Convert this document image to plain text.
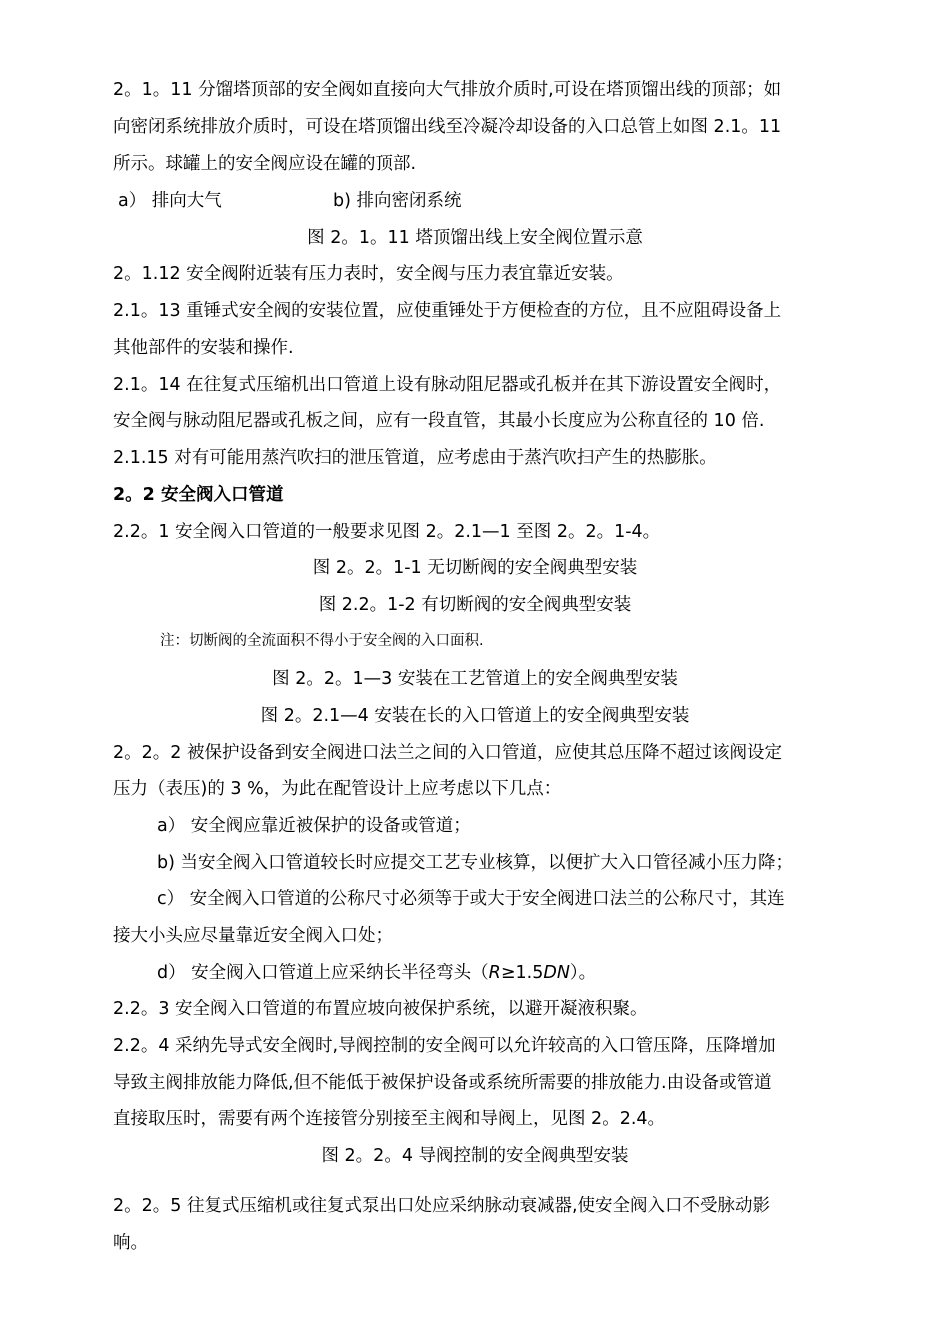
2。1。11 分馏塔顶部的安全阀如直接向大气排放介质时,可设在塔顶馏出线的顶部；如
向密闭系统排放介质时，可设在塔顶馏出线至冷凝冷却设备的入口总管上如图 2.1。11
所示。球罐上的安全阀应设在罐的顶部.
a） 排向大气	b) 排向密闭系统
图 2。1。11 塔顶馏出线上安全阀位置示意
2。1.12 安全阀附近装有压力表时，安全阀与压力表宜靠近安装。
2.1。13 重锤式安全阀的安装位置，应使重锤处于方便检查的方位，且不应阻碍设备上
其他部件的安装和操作.
2.1。14 在往复式压缩机出口管道上设有脉动阻尼器或孔板并在其下游设置安全阀时，
安全阀与脉动阻尼器或孔板之间，应有一段直管，其最小长度应为公称直径的 10 倍.
2.1.15 对有可能用蒸汽吹扫的泄压管道，应考虑由于蒸汽吹扫产生的热膨胀。
2。2 安全阀入口管道
2.2。1 安全阀入口管道的一般要求见图 2。2.1—1 至图 2。2。1-4。
图 2。2。1-1 无切断阀的安全阀典型安装
图 2.2。1-2 有切断阀的安全阀典型安装
注：切断阀的全流面积不得小于安全阀的入口面积.
图 2。2。1—3 安装在工艺管道上的安全阀典型安装
图 2。2.1—4 安装在长的入口管道上的安全阀典型安装
2。2。2 被保护设备到安全阀进口法兰之间的入口管道，应使其总压降不超过该阀设定
压力（表压)的 3 %，为此在配管设计上应考虑以下几点：
a） 安全阀应靠近被保护的设备或管道；
b) 当安全阀入口管道较长时应提交工艺专业核算，以便扩大入口管径减小压力降；
c） 安全阀入口管道的公称尺寸必须等于或大于安全阀进口法兰的公称尺寸，其连
接大小头应尽量靠近安全阀入口处；
d） 安全阀入口管道上应采纳长半径弯头（R≥1.5DN）。
2.2。3 安全阀入口管道的布置应坡向被保护系统，以避开凝液积聚。
2.2。4 采纳先导式安全阀时,导阀控制的安全阀可以允许较高的入口管压降，压降增加
导致主阀排放能力降低,但不能低于被保护设备或系统所需要的排放能力.由设备或管道
直接取压时，需要有两个连接管分别接至主阀和导阀上，见图 2。2.4。
图 2。2。4 导阀控制的安全阀典型安装
2。2。5 往复式压缩机或往复式泵出口处应采纳脉动衰减器,使安全阀入口不受脉动影
响。
